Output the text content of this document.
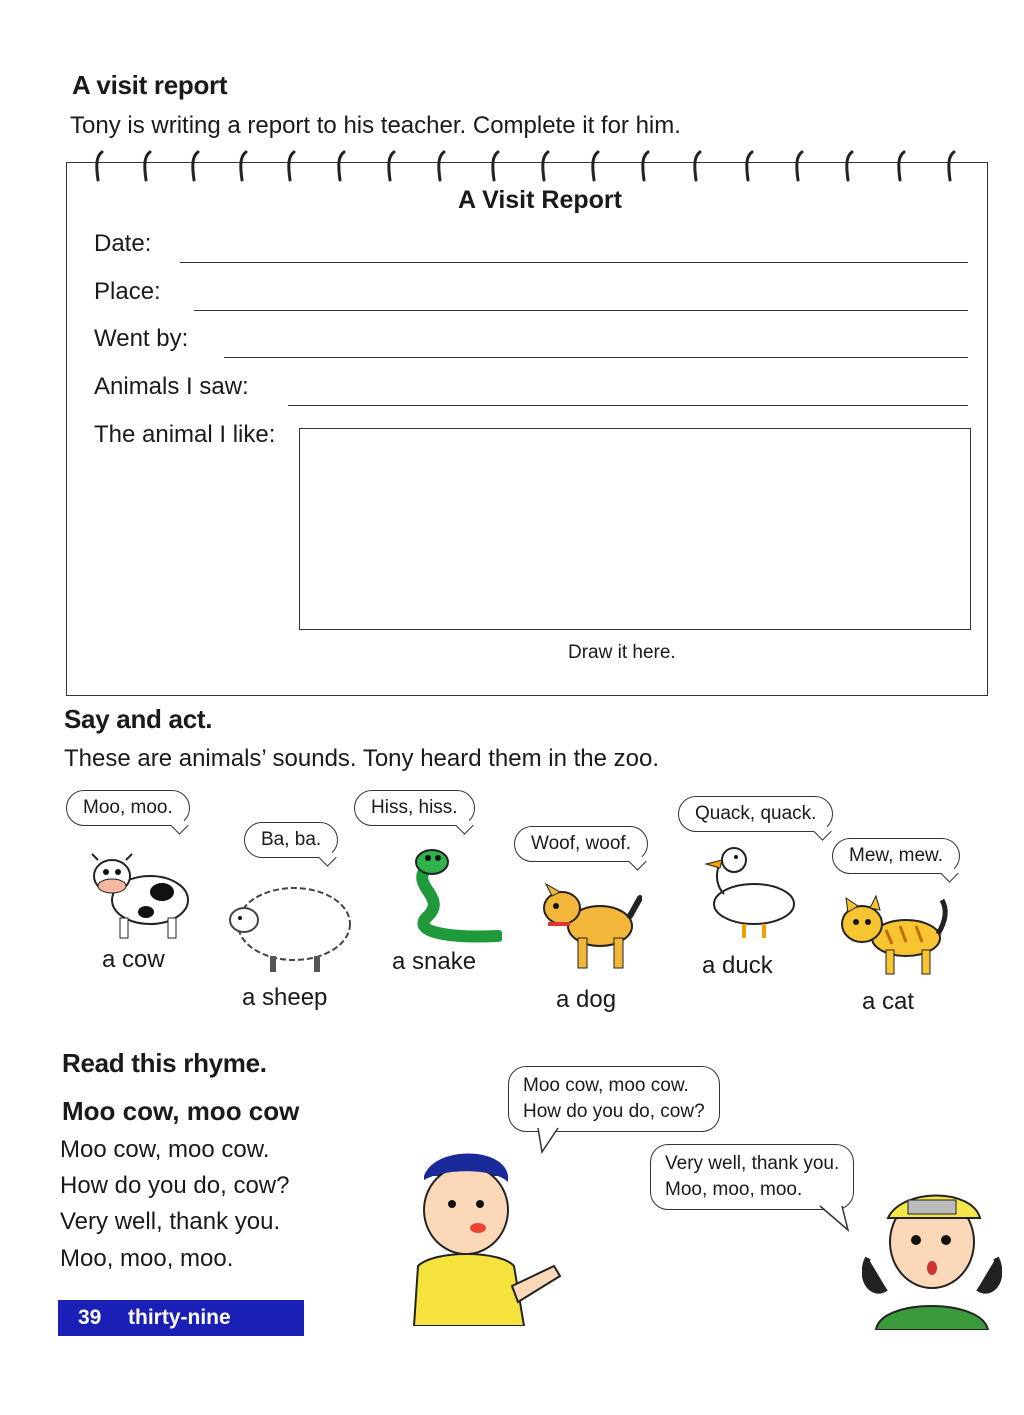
A visit report
Tony is writing a report to his teacher. Complete it for him.
A Visit Report
Date:
Place:
Went by:
Animals I saw:
The animal I like:
Draw it here.
Say and act.
These are animals’ sounds. Tony heard them in the zoo.
Moo, moo.
a cow
Ba, ba.
a sheep
Hiss, hiss.
a snake
Woof, woof.
a dog
Quack, quack.
a duck
Mew, mew.
a cat
Read this rhyme.
Moo cow, moo cow
Moo cow, moo cow.
How do you do, cow?
Very well, thank you.
Moo, moo, moo.
Moo cow, moo cow.
How do you do, cow?
Very well, thank you.
Moo, moo, moo.
39 thirty-nine
